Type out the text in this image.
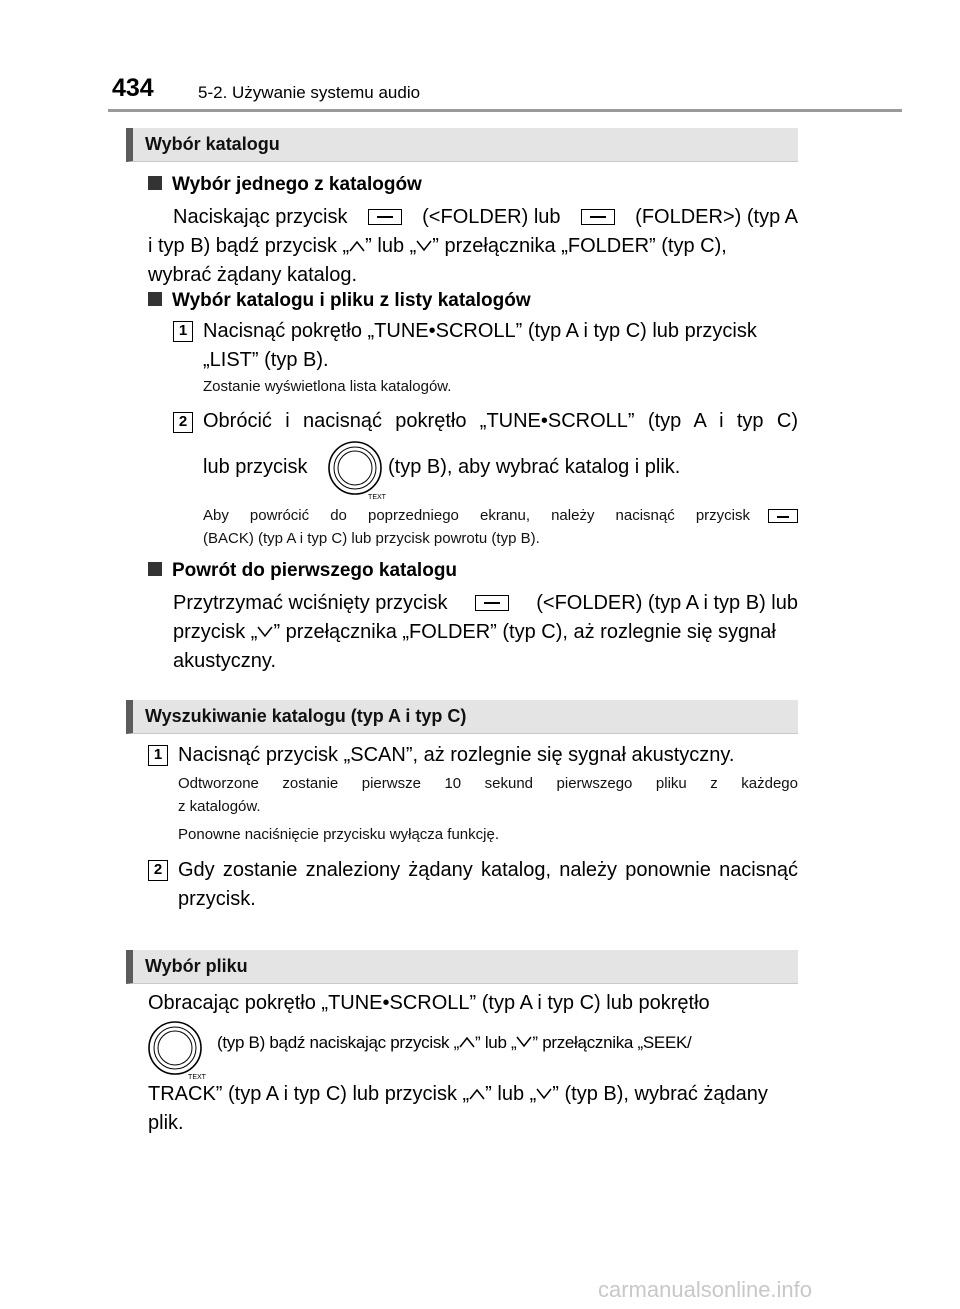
434	5-2. Używanie systemu audio
Wybór katalogu
Wybór jednego z katalogów
Naciskając przycisk	(<FOLDER) lub	(FOLDER>) (typ A
i typ B) bądź przycisk „ ” lub „ ” przełącznika „FOLDER” (typ C),
wybrać żądany katalog.
Wybór katalogu i pliku z listy katalogów
1 Nacisnąć pokrętło „TUNE•SCROLL” (typ A i typ C) lub przycisk
„LIST” (typ B).
Zostanie wyświetlona lista katalogów.
2 Obrócić i nacisnąć pokrętło „TUNE•SCROLL” (typ A i typ C)
lub przycisk
TEXT
(typ B), aby wybrać katalog i plik.
Aby powrócić do poprzedniego ekranu, należy nacisnąć przycisk
(BACK) (typ A i typ C) lub przycisk powrotu (typ B).
Powrót do pierwszego katalogu
Przytrzymać wciśnięty przycisk	(<FOLDER) (typ A i typ B) lub
przycisk „ ” przełącznika „FOLDER” (typ C), aż rozlegnie się sygnał
akustyczny.
Wyszukiwanie katalogu (typ A i typ C)
1 Nacisnąć przycisk „SCAN”, aż rozlegnie się sygnał akustyczny.
Odtworzone zostanie pierwsze 10 sekund pierwszego pliku z każdego
z katalogów.
Ponowne naciśnięcie przycisku wyłącza funkcję.
2 Gdy zostanie znaleziony żądany katalog, należy ponownie nacisnąć
przycisk.
Wybór pliku
Obracając pokrętło „TUNE•SCROLL” (typ A i typ C) lub pokrętło
TEXT
(typ B) bądź naciskając przycisk „ ” lub „ ” przełącznika „SEEK/
TRACK” (typ A i typ C) lub przycisk „ ” lub „ ” (typ B), wybrać żądany
plik.
carmanualsonline.info
